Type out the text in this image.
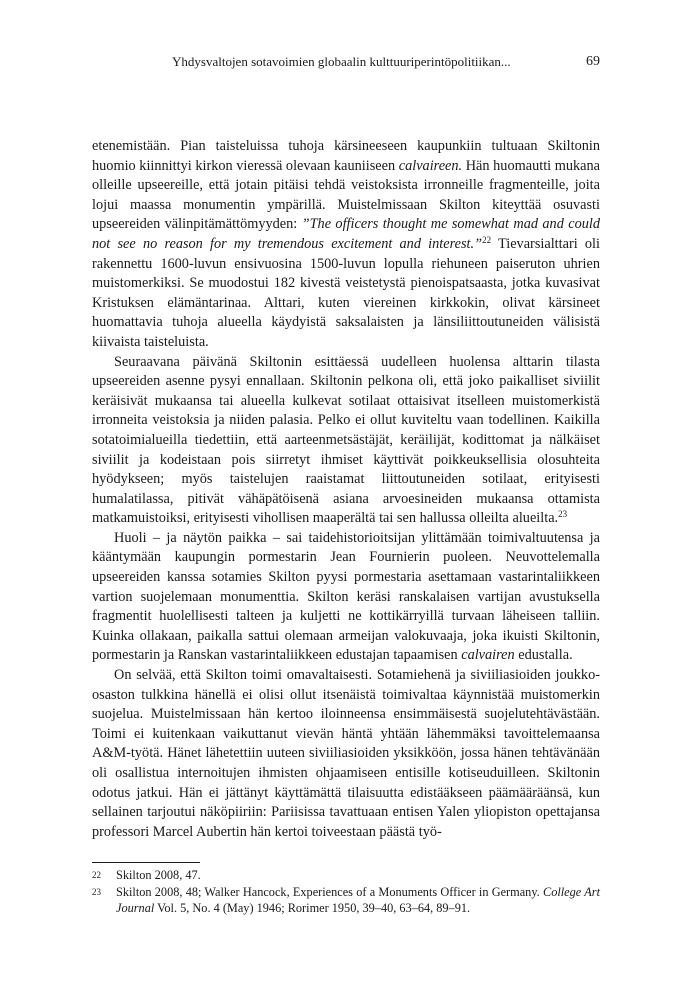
Yhdysvaltojen sotavoimien globaalin kulttuuriperintöpolitiikan...	69

etenemistään. Pian taisteluissa tuhoja kärsineeseen kaupunkiin tultuaan Skiltonin huomio kiinnittyi kirkon vieressä olevaan kauniiseen calvaireen. Hän huomautti mukana olleille upseereille, että jotain pitäisi tehdä veistoksista irronneille fragmenteille, joita lojui maassa monumentin ympärillä. Muistelmissaan Skilton kiteyttää osuvasti upseereiden välinpitämättömyyden: ”The officers thought me somewhat mad and could not see no reason for my tremendous excitement and interest.”$^{22}$ Tievarsialttari oli rakennettu 1600-luvun ensivuosina 1500-luvun lopulla riehuneen paiseruton uhrien muistomerkiksi. Se muodostui 182 kivestä veistetystä pienoispatsaasta, jotka kuvasivat Kristuksen elämäntarinaa. Alttari, kuten viereinen kirkkokin, olivat kärsineet huomattavia tuhoja alueella käydyistä saksalaisten ja länsiliittoutuneiden välisistä kiivaista taisteluista.

Seuraavana päivänä Skiltonin esittäessä uudelleen huolensa alttarin tilasta upseereiden asenne pysyi ennallaan. Skiltonin pelkona oli, että joko paikalliset siviilit keräisivät mukaansa tai alueella kulkevat sotilaat ottaisivat itselleen muistomerkistä irronneita veistoksia ja niiden palasia. Pelko ei ollut kuviteltu vaan todellinen. Kaikilla sotatoimialueilla tiedettiin, että aarteenmetsästäjät, keräilijät, kodittomat ja nälkäiset siviilit ja kodeistaan pois siirretyt ihmiset käyttivät poikkeuksellisia olosuhteita hyödykseen; myös taistelujen raaistamat liittoutuneiden sotilaat, erityisesti humalatilassa, pitivät vähäpätöisenä asiana arvoesineiden mukaansa ottamista matkamuistoiksi, erityisesti vihollisen maaperältä tai sen hallussa olleilta alueilta.$^{23}$

Huoli – ja näytön paikka – sai taidehistorioitsijan ylittämään toimivaltuutensa ja kääntymään kaupungin pormestarin Jean Fournierin puoleen. Neuvottelemalla upseereiden kanssa sotamies Skilton pyysi pormestaria asettamaan vastarintaliikkeen vartion suojelemaan monumenttia. Skilton keräsi ranskalaisen vartijan avustuksella fragmentit huolellisesti talteen ja kuljetti ne kottikärryillä turvaan läheiseen talliin. Kuinka ollakaan, paikalla sattui olemaan armeijan valokuvaaja, joka ikuisti Skiltonin, pormestarin ja Ranskan vastarintaliikkeen edustajan tapaamisen calvairen edustalla.

On selvää, että Skilton toimi omavaltaisesti. Sotamiehenä ja siviiliasioiden joukko-osaston tulkkina hänellä ei olisi ollut itsenäistä toimivaltaa käynnistää muistomerkin suojelua. Muistelmissaan hän kertoo iloinneensa ensimmäisestä suojelutehtävästään. Toimi ei kuitenkaan vaikuttanut vievän häntä yhtään lähemmäksi tavoittelemaansa A&M-työtä. Hänet lähetettiin uuteen siviiliasioiden yksikköön, jossa hänen tehtävänään oli osallistua internoitujen ihmisten ohjaamiseen entisille kotiseuduilleen. Skiltonin odotus jatkui. Hän ei jättänyt käyttämättä tilaisuutta edistääkseen päämääräänsä, kun sellainen tarjoutui näköpiiriin: Pariisissa tavattuaan entisen Yalen yliopiston opettajansa professori Marcel Aubertin hän kertoi toiveestaan päästä työ-

22 Skilton 2008, 47.
23 Skilton 2008, 48; Walker Hancock, Experiences of a Monuments Officer in Germany. College Art Journal Vol. 5, No. 4 (May) 1946; Rorimer 1950, 39–40, 63–64, 89–91.
